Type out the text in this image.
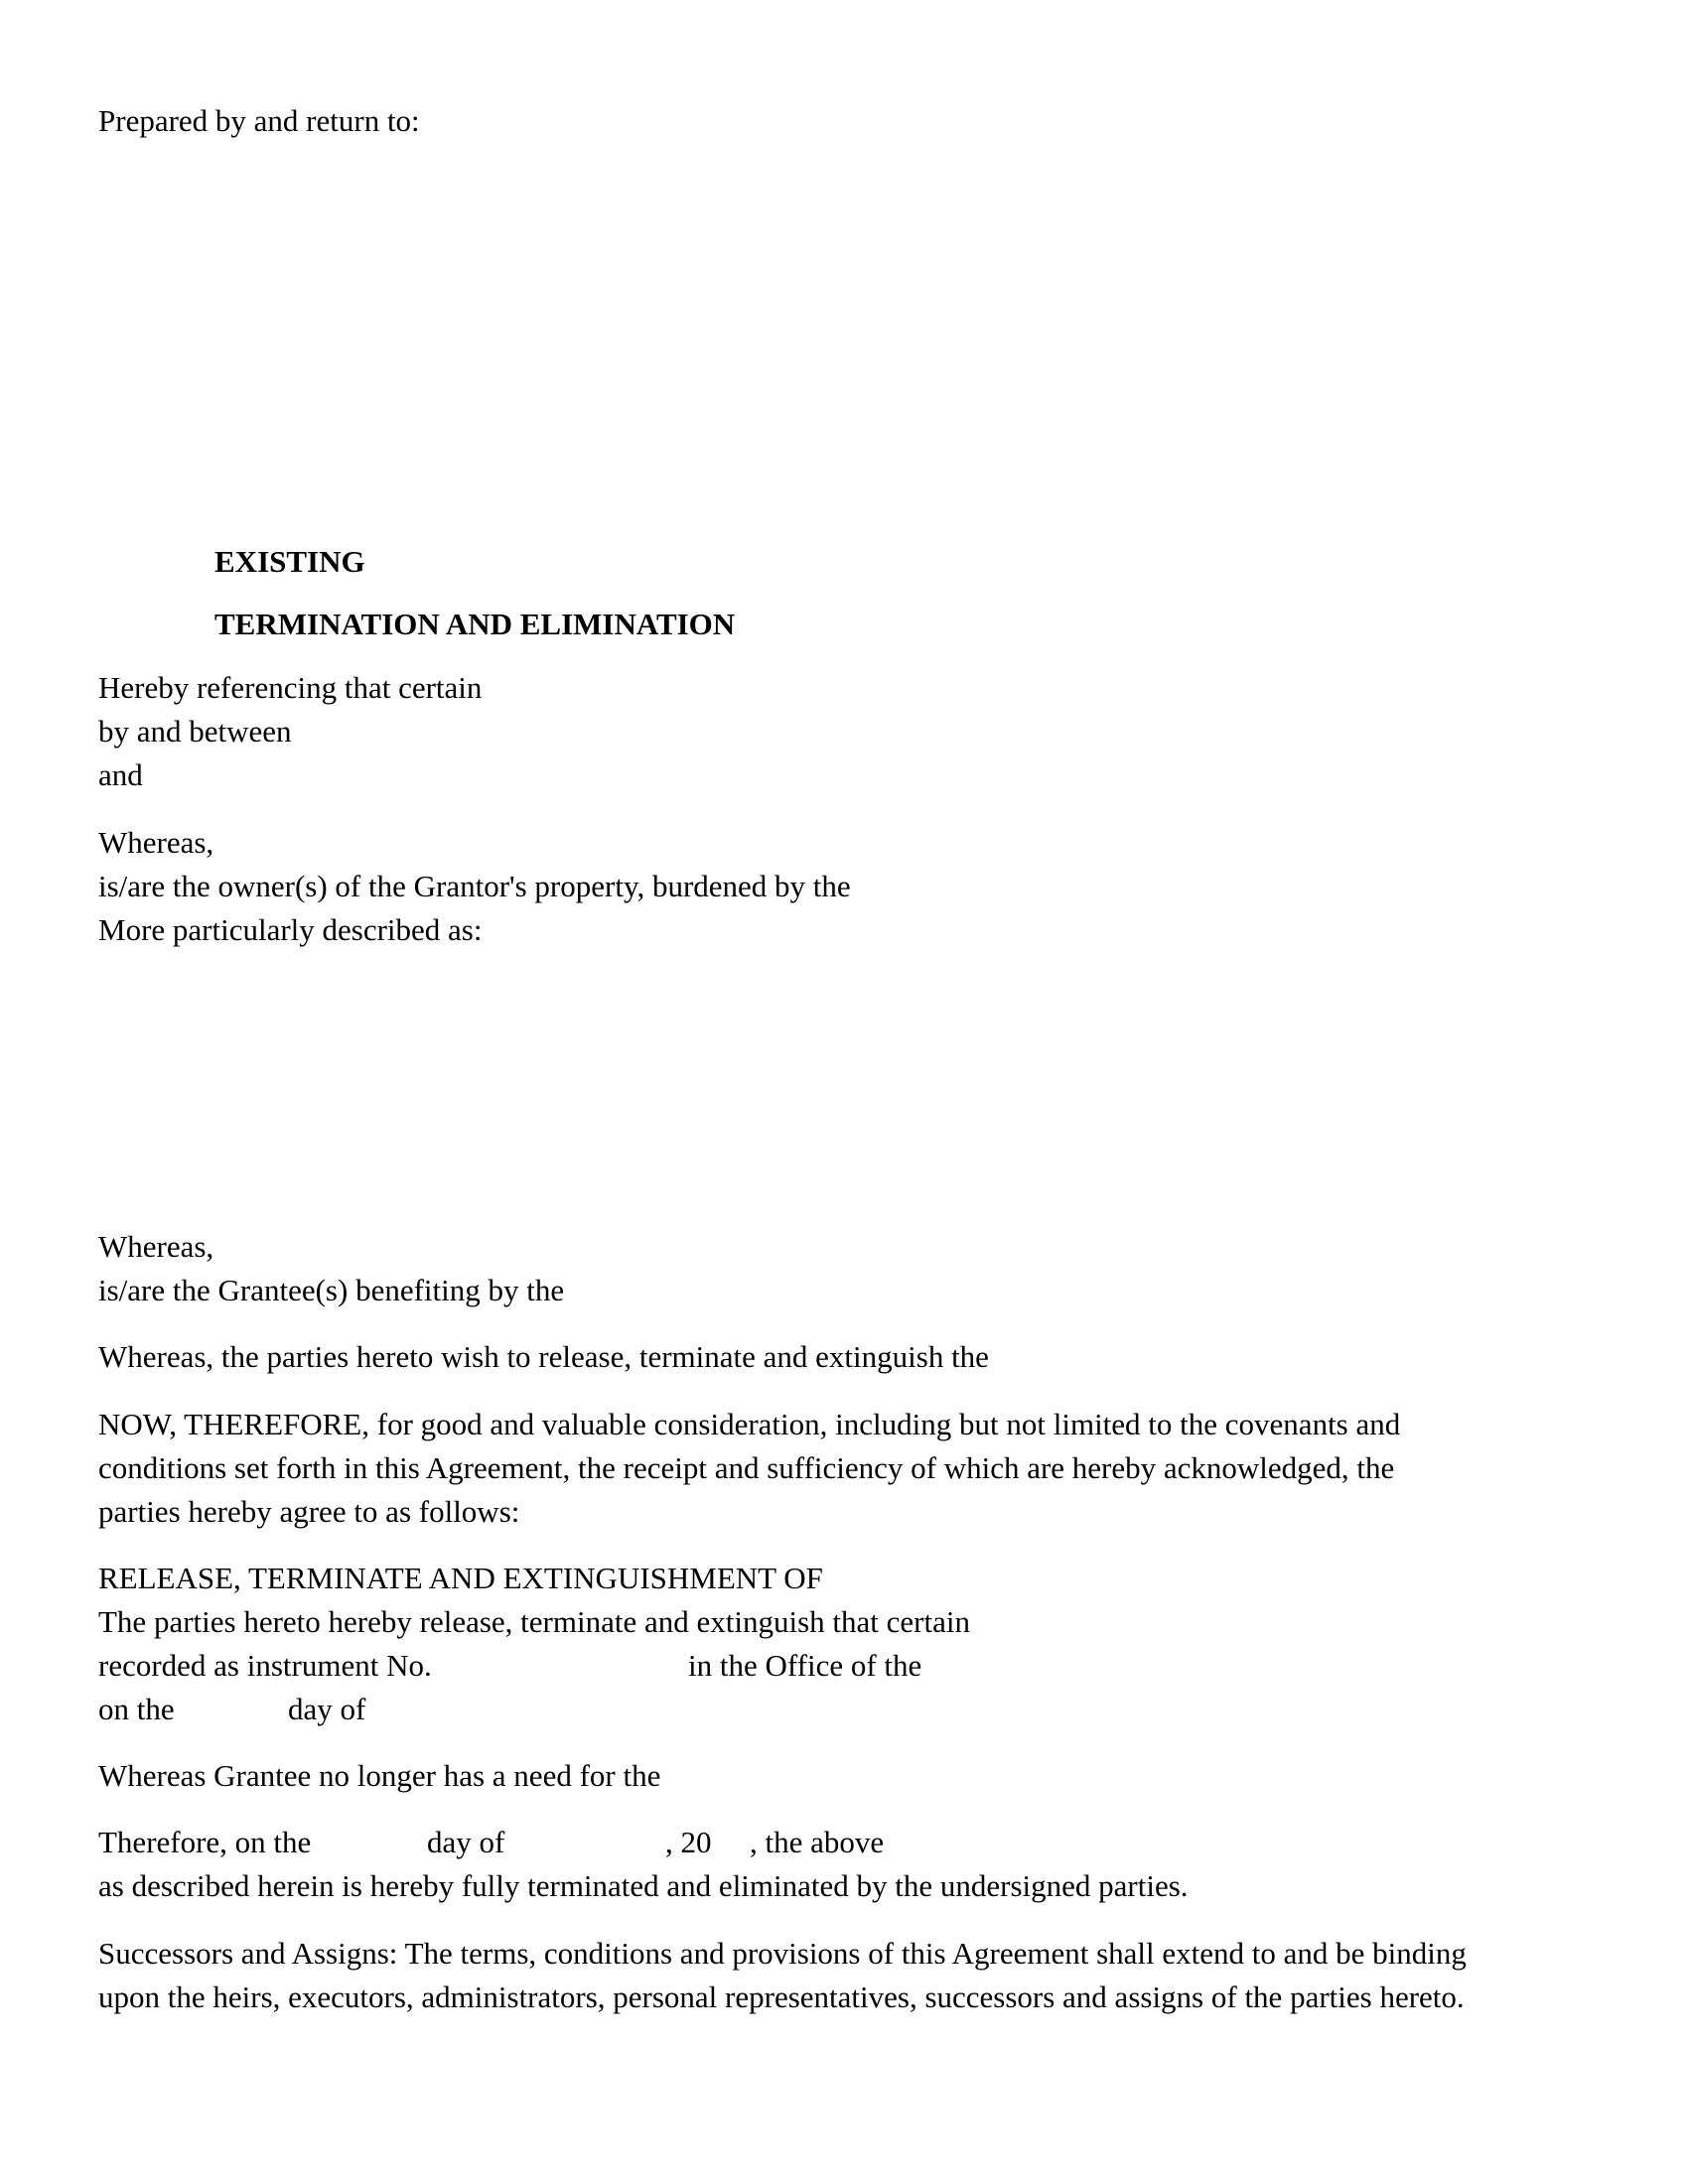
Prepared by and return to:
EXISTING
TERMINATION AND ELIMINATION
Hereby referencing that certain
by and between
and
Whereas,
is/are the owner(s) of the Grantor's property, burdened by the
More particularly described as:
Whereas,
is/are the Grantee(s) benefiting by the
Whereas, the parties hereto wish to release, terminate and extinguish the
NOW, THEREFORE, for good and valuable consideration, including but not limited to the covenants and
conditions set forth in this Agreement, the receipt and sufficiency of which are hereby acknowledged, the
parties hereby agree to as follows:
RELEASE, TERMINATE AND EXTINGUISHMENT OF
The parties hereto hereby release, terminate and extinguish that certain
recorded as instrument No.	in the Office of the
on the	day of
Whereas Grantee no longer has a need for the
Therefore, on the	day of	, 20 , the above
as described herein is hereby fully terminated and eliminated by the undersigned parties.
Successors and Assigns: The terms, conditions and provisions of this Agreement shall extend to and be binding
upon the heirs, executors, administrators, personal representatives, successors and assigns of the parties hereto.
